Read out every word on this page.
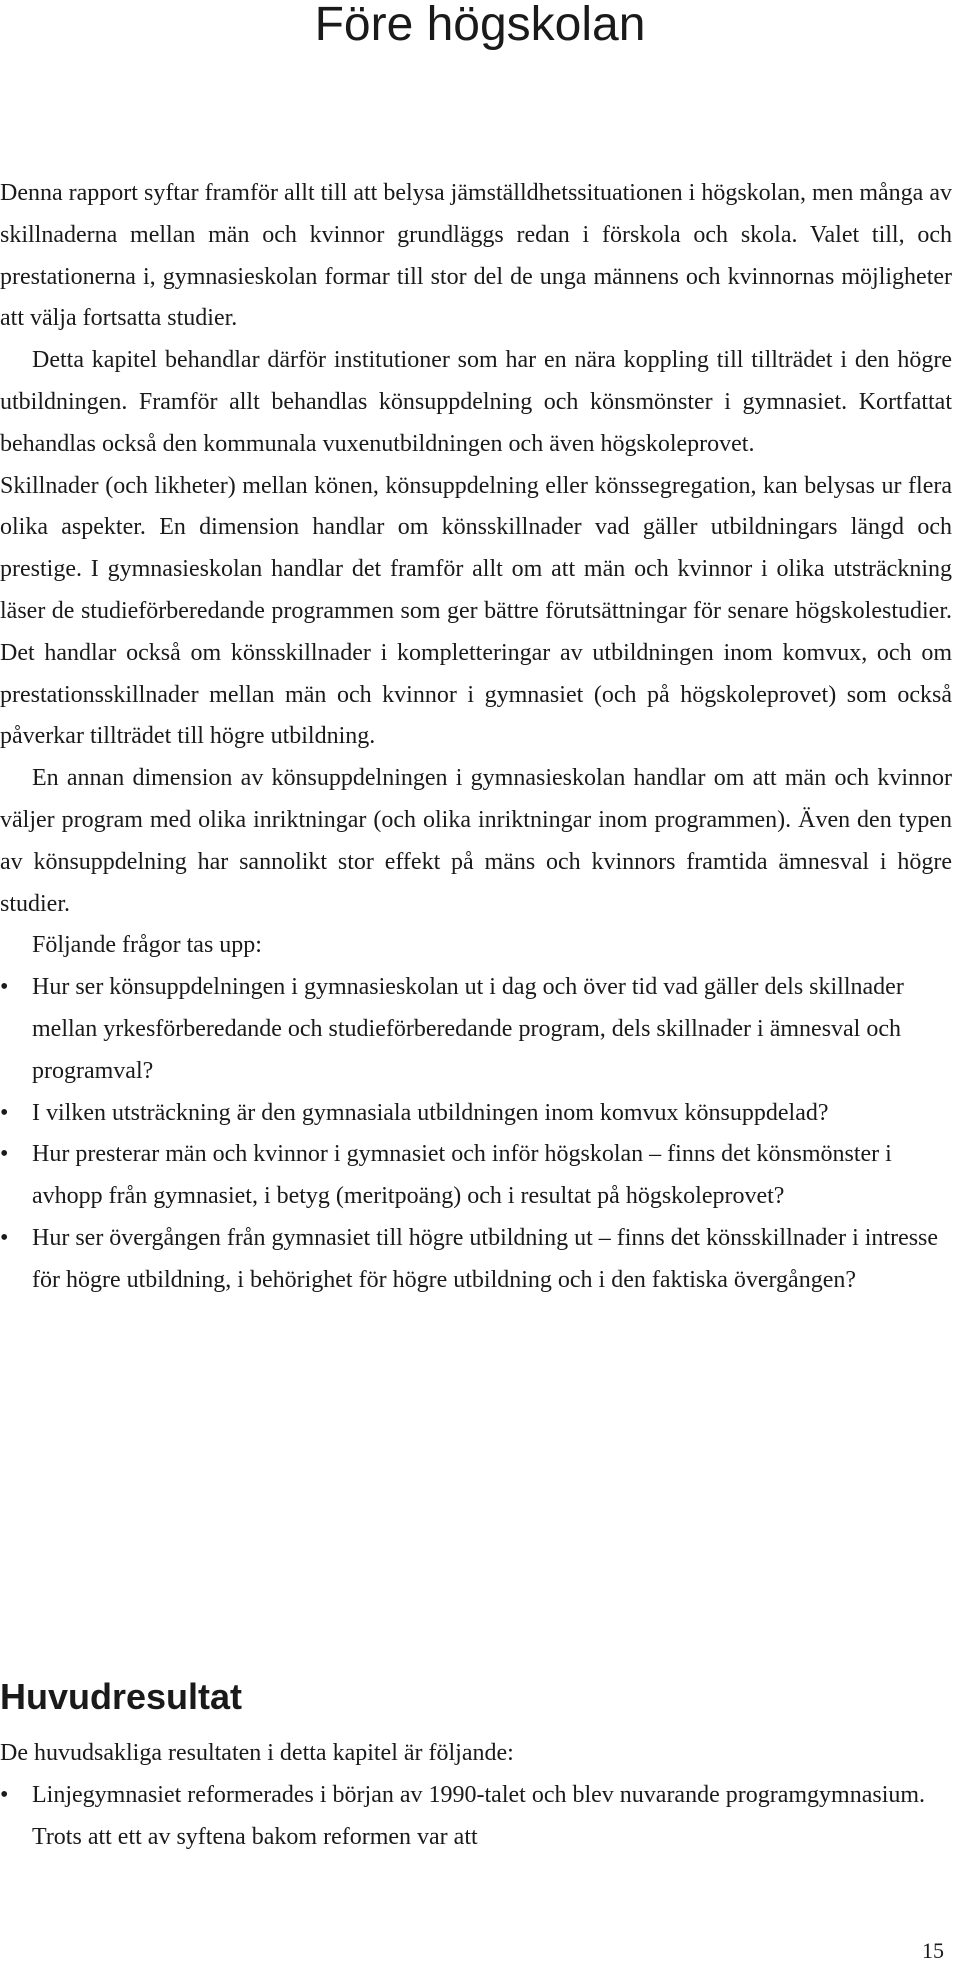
Före högskolan

Denna rapport syftar framför allt till att belysa jämställdhetssituationen i högskolan, men många av skillnaderna mellan män och kvinnor grundläggs redan i förskola och skola. Valet till, och prestationerna i, gymnasieskolan formar till stor del de unga männens och kvinnornas möjligheter att välja fortsatta studier.

Detta kapitel behandlar därför institutioner som har en nära koppling till tillträdet i den högre utbildningen. Framför allt behandlas könsuppdelning och könsmönster i gymnasiet. Kortfattat behandlas också den kommunala vuxenutbildningen och även högskoleprovet.

Skillnader (och likheter) mellan könen, könsuppdelning eller könssegregation, kan belysas ur flera olika aspekter. En dimension handlar om könsskillnader vad gäller utbildningars längd och prestige. I gymnasieskolan handlar det framför allt om att män och kvinnor i olika utsträckning läser de studieförberedande programmen som ger bättre förutsättningar för senare högskolestudier. Det handlar också om könsskillnader i kompletteringar av utbildningen inom komvux, och om prestationsskillnader mellan män och kvinnor i gymnasiet (och på högskoleprovet) som också påverkar tillträdet till högre utbildning.

En annan dimension av könsuppdelningen i gymnasieskolan handlar om att män och kvinnor väljer program med olika inriktningar (och olika inriktningar inom programmen). Även den typen av könsuppdelning har sannolikt stor effekt på mäns och kvinnors framtida ämnesval i högre studier.

Följande frågor tas upp:

• Hur ser könsuppdelningen i gymnasieskolan ut i dag och över tid vad gäller dels skillnader mellan yrkesförberedande och studieförberedande program, dels skillnader i ämnesval och programval?
• I vilken utsträckning är den gymnasiala utbildningen inom komvux könsuppdelad?
• Hur presterar män och kvinnor i gymnasiet och inför högskolan – finns det könsmönster i avhopp från gymnasiet, i betyg (meritpoäng) och i resultat på högskoleprovet?
• Hur ser övergången från gymnasiet till högre utbildning ut – finns det könsskillnader i intresse för högre utbildning, i behörighet för högre utbildning och i den faktiska övergången?
Huvudresultat

De huvudsakliga resultaten i detta kapitel är följande:

• Linjegymnasiet reformerades i början av 1990-talet och blev nuvarande programgymnasium. Trots att ett av syftena bakom reformen var att
15
